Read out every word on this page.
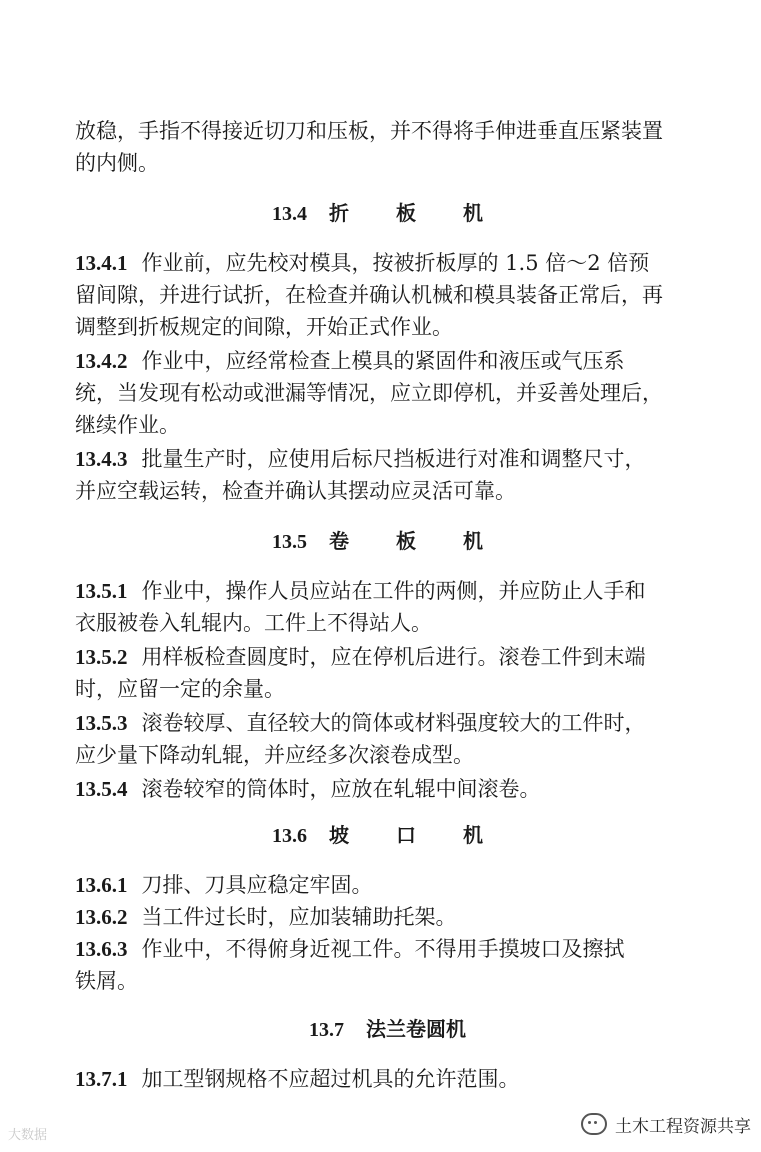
放稳，手指不得接近切刀和压板，并不得将手伸进垂直压紧装置
的内侧。
13.4 折 板 机
13.4.1 作业前，应先校对模具，按被折板厚的 1.5 倍～2 倍预
留间隙，并进行试折，在检查并确认机械和模具装备正常后，再
调整到折板规定的间隙，开始正式作业。
13.4.2 作业中，应经常检查上模具的紧固件和液压或气压系
统，当发现有松动或泄漏等情况，应立即停机，并妥善处理后，
继续作业。
13.4.3 批量生产时，应使用后标尺挡板进行对准和调整尺寸，
并应空载运转，检查并确认其摆动应灵活可靠。
13.5 卷 板 机
13.5.1 作业中，操作人员应站在工件的两侧，并应防止人手和
衣服被卷入轧辊内。工件上不得站人。
13.5.2 用样板检查圆度时，应在停机后进行。滚卷工件到末端
时，应留一定的余量。
13.5.3 滚卷较厚、直径较大的筒体或材料强度较大的工件时，
应少量下降动轧辊，并应经多次滚卷成型。
13.5.4 滚卷较窄的筒体时，应放在轧辊中间滚卷。
13.6 坡 口 机
13.6.1 刀排、刀具应稳定牢固。
13.6.2 当工件过长时，应加装辅助托架。
13.6.3 作业中，不得俯身近视工件。不得用手摸坡口及擦拭
铁屑。
13.7 法兰卷圆机
13.7.1 加工型钢规格不应超过机具的允许范围。
大数据	土木工程资源共享
